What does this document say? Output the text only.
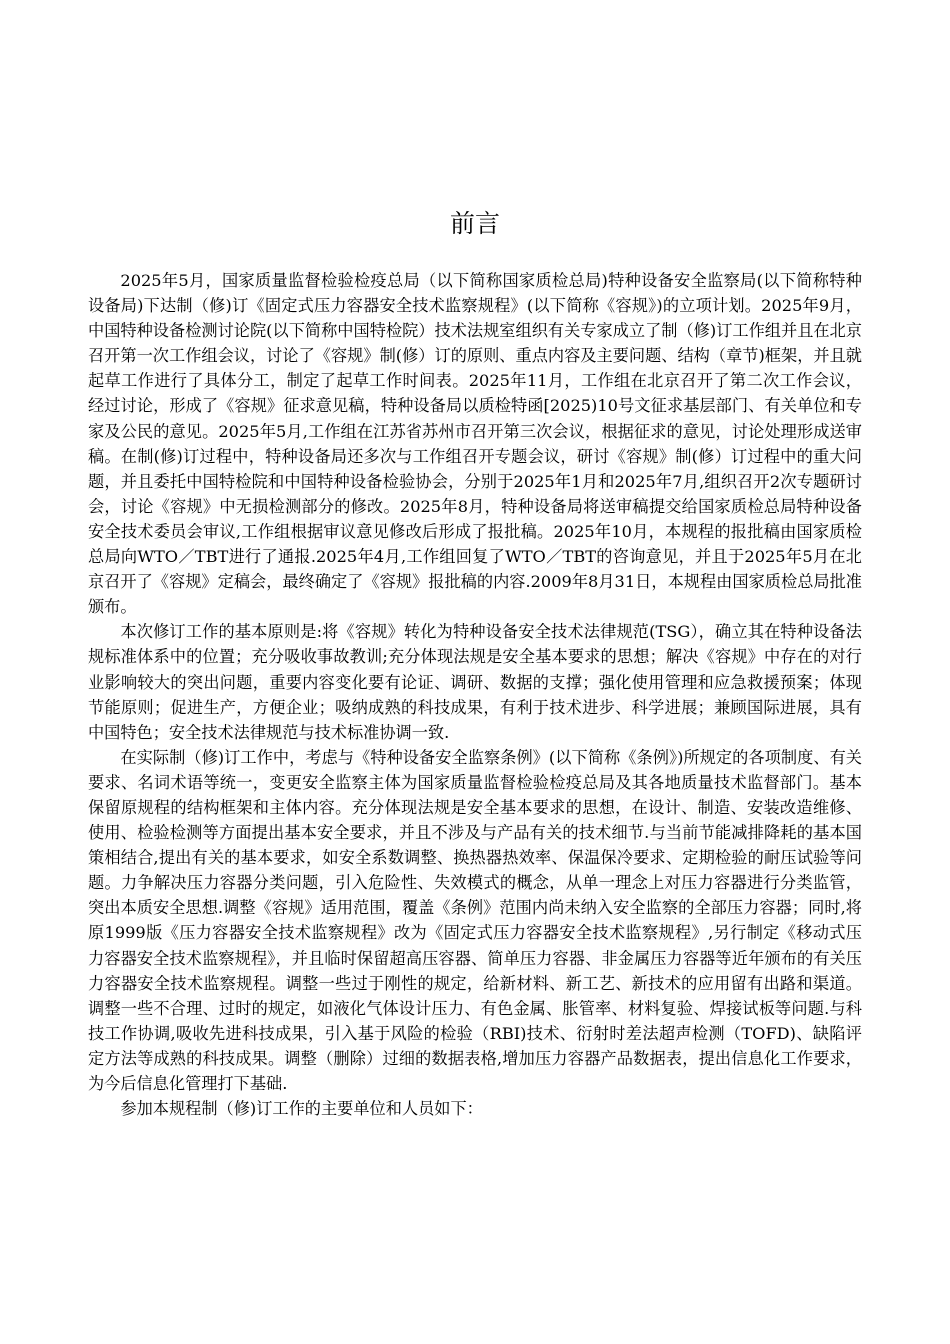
前言

2025年5月，国家质量监督检验检疫总局（以下简称国家质检总局)特种设备安全监察局(以下简称特种设备局)下达制（修)订《固定式压力容器安全技术监察规程》(以下简称《容规》)的立项计划。2025年9月，中国特种设备检测讨论院(以下简称中国特检院）技术法规室组织有关专家成立了制（修)订工作组并且在北京召开第一次工作组会议，讨论了《容规》制(修）订的原则、重点内容及主要问题、结构（章节)框架，并且就起草工作进行了具体分工，制定了起草工作时间表。2025年11月，工作组在北京召开了第二次工作会议，经过讨论，形成了《容规》征求意见稿，特种设备局以质检特函[2025)10号文征求基层部门、有关单位和专家及公民的意见。2025年5月,工作组在江苏省苏州市召开第三次会议，根据征求的意见，讨论处理形成送审稿。在制(修)订过程中，特种设备局还多次与工作组召开专题会议，研讨《容规》制(修）订过程中的重大问题，并且委托中国特检院和中国特种设备检验协会，分别于2025年1月和2025年7月,组织召开2次专题研讨会，讨论《容规》中无损检测部分的修改。2025年8月，特种设备局将送审稿提交给国家质检总局特种设备安全技术委员会审议,工作组根据审议意见修改后形成了报批稿。2025年10月，本规程的报批稿由国家质检总局向WTO／TBT进行了通报.2025年4月,工作组回复了WTO／TBT的咨询意见，并且于2025年5月在北京召开了《容规》定稿会，最终确定了《容规》报批稿的内容.2009年8月31日，本规程由国家质检总局批准颁布。

本次修订工作的基本原则是:将《容规》转化为特种设备安全技术法律规范(TSG），确立其在特种设备法规标准体系中的位置；充分吸收事故教训;充分体现法规是安全基本要求的思想；解决《容规》中存在的对行业影响较大的突出问题，重要内容变化要有论证、调研、数据的支撑；强化使用管理和应急救援预案；体现节能原则；促进生产，方便企业；吸纳成熟的科技成果，有利于技术进步、科学进展；兼顾国际进展，具有中国特色；安全技术法律规范与技术标准协调一致.

在实际制（修)订工作中，考虑与《特种设备安全监察条例》(以下简称《条例》)所规定的各项制度、有关要求、名词术语等统一，变更安全监察主体为国家质量监督检验检疫总局及其各地质量技术监督部门。基本保留原规程的结构框架和主体内容。充分体现法规是安全基本要求的思想，在设计、制造、安装改造维修、使用、检验检测等方面提出基本安全要求，并且不涉及与产品有关的技术细节.与当前节能减排降耗的基本国策相结合,提出有关的基本要求，如安全系数调整、换热器热效率、保温保冷要求、定期检验的耐压试验等问题。力争解决压力容器分类问题，引入危险性、失效模式的概念，从单一理念上对压力容器进行分类监管，突出本质安全思想.调整《容规》适用范围，覆盖《条例》范围内尚未纳入安全监察的全部压力容器；同时,将原1999版《压力容器安全技术监察规程》改为《固定式压力容器安全技术监察规程》,另行制定《移动式压力容器安全技术监察规程》，并且临时保留超高压容器、简单压力容器、非金属压力容器等近年颁布的有关压力容器安全技术监察规程。调整一些过于刚性的规定，给新材料、新工艺、新技术的应用留有出路和渠道。调整一些不合理、过时的规定，如液化气体设计压力、有色金属、胀管率、材料复验、焊接试板等问题.与科技工作协调,吸收先进科技成果，引入基于风险的检验（RBI)技术、衍射时差法超声检测（TOFD)、缺陷评定方法等成熟的科技成果。调整（删除）过细的数据表格,增加压力容器产品数据表，提出信息化工作要求，为今后信息化管理打下基础.

参加本规程制（修)订工作的主要单位和人员如下：
